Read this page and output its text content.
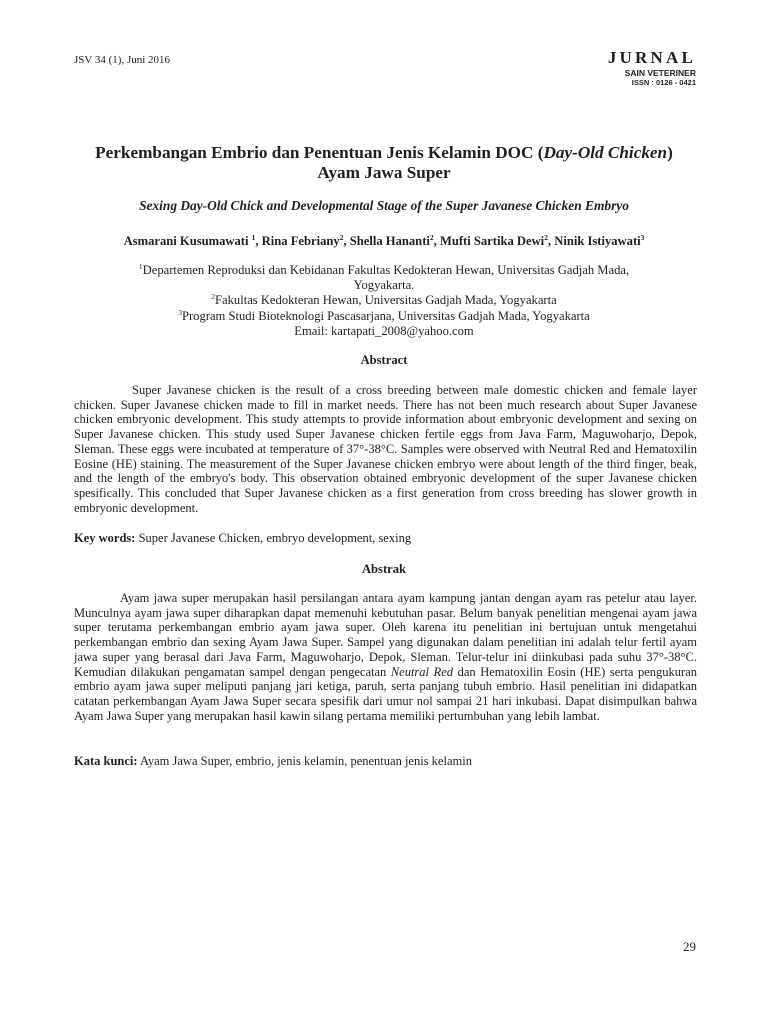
JSV 34 (1), Juni 2016	JURNAL
SAIN VETERINER
ISSN : 0126 - 0421
Perkembangan Embrio dan Penentuan Jenis Kelamin DOC (Day-Old Chicken)
Ayam Jawa Super
Sexing Day-Old Chick and Developmental Stage of the Super Javanese Chicken Embryo
Asmarani Kusumawati $^1$, Rina Febriany$^2$, Shella Hananti$^2$, Mufti Sartika Dewi$^2$, Ninik Istiyawati$^3$
$^1$Departemen Reproduksi dan Kebidanan Fakultas Kedokteran Hewan, Universitas Gadjah Mada,
Yogyakarta.
$^2$Fakultas Kedokteran Hewan, Universitas Gadjah Mada, Yogyakarta
$^3$Program Studi Bioteknologi Pascasarjana, Universitas Gadjah Mada, Yogyakarta
Email: kartapati_2008@yahoo.com
Abstract
Super Javanese chicken is the result of a cross breeding between male domestic chicken and female layer chicken. Super Javanese chicken made to fill in market needs. There has not been much research about Super Javanese chicken embryonic development. This study attempts to provide information about embryonic development and sexing on Super Javanese chicken. This study used Super Javanese chicken fertile eggs from Java Farm, Maguwoharjo, Depok, Sleman. These eggs were incubated at temperature of 37°-38°C. Samples were observed with Neutral Red and Hematoxilin Eosine (HE) staining. The measurement of the Super Javanese chicken embryo were about length of the third finger, beak, and the length of the embryo's body. This observation obtained embryonic development of the super Javanese chicken spesifically. This concluded that Super Javanese chicken as a first generation from cross breeding has slower growth in embryonic development.
Key words: Super Javanese Chicken, embryo development, sexing
Abstrak
Ayam jawa super merupakan hasil persilangan antara ayam kampung jantan dengan ayam ras petelur atau layer. Munculnya ayam jawa super diharapkan dapat memenuhi kebutuhan pasar. Belum banyak penelitian mengenai ayam jawa super terutama perkembangan embrio ayam jawa super. Oleh karena itu penelitian ini bertujuan untuk mengetahui perkembangan embrio dan sexing Ayam Jawa Super. Sampel yang digunakan dalam penelitian ini adalah telur fertil ayam jawa super yang berasal dari Java Farm, Maguwoharjo, Depok, Sleman. Telur-telur ini diinkubasi pada suhu 37°-38°C. Kemudian dilakukan pengamatan sampel dengan pengecatan Neutral Red dan Hematoxilin Eosin (HE) serta pengukuran embrio ayam jawa super meliputi panjang jari ketiga, paruh, serta panjang tubuh embrio. Hasil penelitian ini didapatkan catatan perkembangan Ayam Jawa Super secara spesifik dari umur nol sampai 21 hari inkubasi. Dapat disimpulkan bahwa Ayam Jawa Super yang merupakan hasil kawin silang pertama memiliki pertumbuhan yang lebih lambat.
Kata kunci: Ayam Jawa Super, embrio, jenis kelamin, penentuan jenis kelamin
29
